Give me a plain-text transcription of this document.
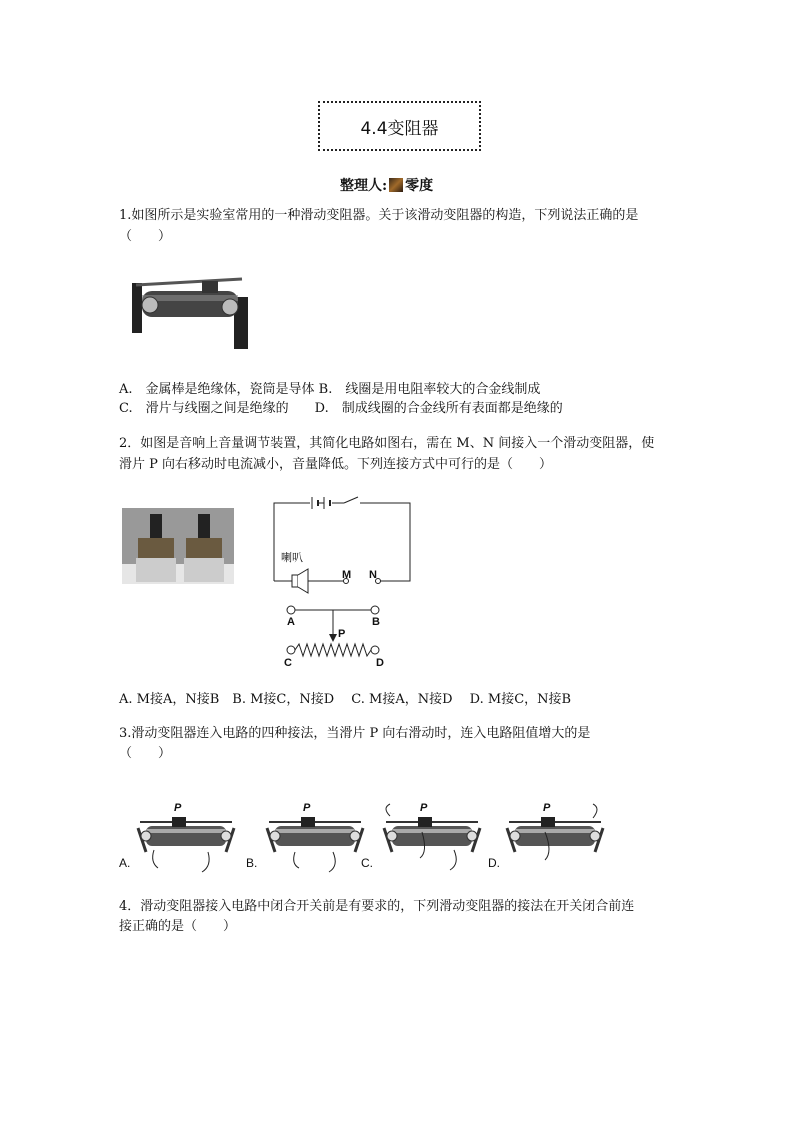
4.4变阻器
整理人: 零度
1.如图所示是实验室常用的一种滑动变阻器。关于该滑动变阻器的构造，下列说法正确的是
（　　）
A.　金属棒是绝缘体，瓷筒是导体 B.　线圈是用电阻率较大的合金线制成
C.　滑片与线圈之间是绝缘的　　D.　制成线圈的合金线所有表面都是绝缘的
2．如图是音响上音量调节装置，其简化电路如图右，需在 M、N 间接入一个滑动变阻器，使
滑片 P 向右移动时电流减小，音量降低。下列连接方式中可行的是（　　）
喇叭
M N
A	B
P
C	D
A. M接A，N接B　B. M接C，N接D　 C. M接A，N接D　 D. M接C，N接B
3.滑动变阻器连入电路的四种接法，当滑片 P 向右滑动时，连入电路阻值增大的是
（　　）
P
A.
P
B.
P
C.
P
D.
4．滑动变阻器接入电路中闭合开关前是有要求的，下列滑动变阻器的接法在开关闭合前连
接正确的是（　　）
